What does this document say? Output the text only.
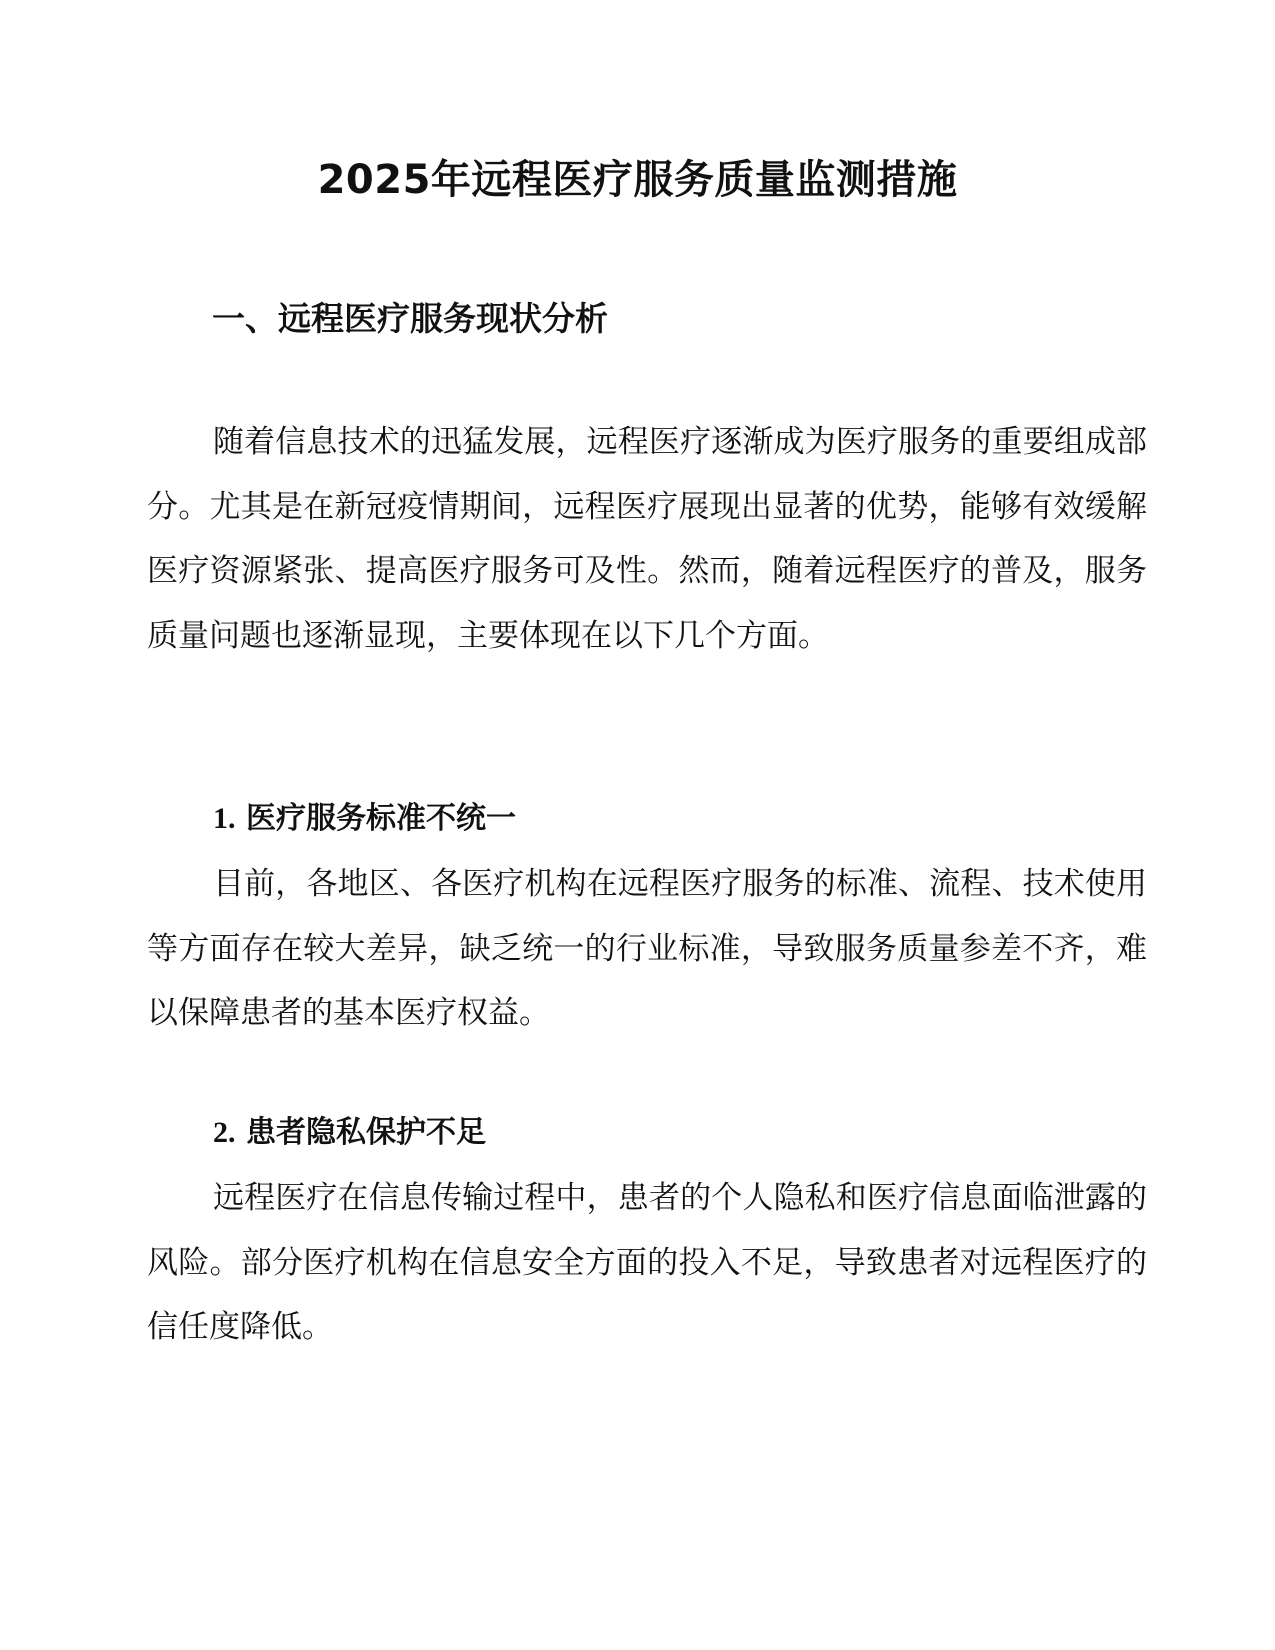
2025年远程医疗服务质量监测措施
一、远程医疗服务现状分析

随着信息技术的迅猛发展，远程医疗逐渐成为医疗服务的重要组成部分。尤其是在新冠疫情期间，远程医疗展现出显著的优势，能够有效缓解医疗资源紧张、提高医疗服务可及性。然而，随着远程医疗的普及，服务质量问题也逐渐显现，主要体现在以下几个方面。

1. 医疗服务标准不统一

目前，各地区、各医疗机构在远程医疗服务的标准、流程、技术使用等方面存在较大差异，缺乏统一的行业标准，导致服务质量参差不齐，难以保障患者的基本医疗权益。

2. 患者隐私保护不足

远程医疗在信息传输过程中，患者的个人隐私和医疗信息面临泄露的风险。部分医疗机构在信息安全方面的投入不足，导致患者对远程医疗的信任度降低。
